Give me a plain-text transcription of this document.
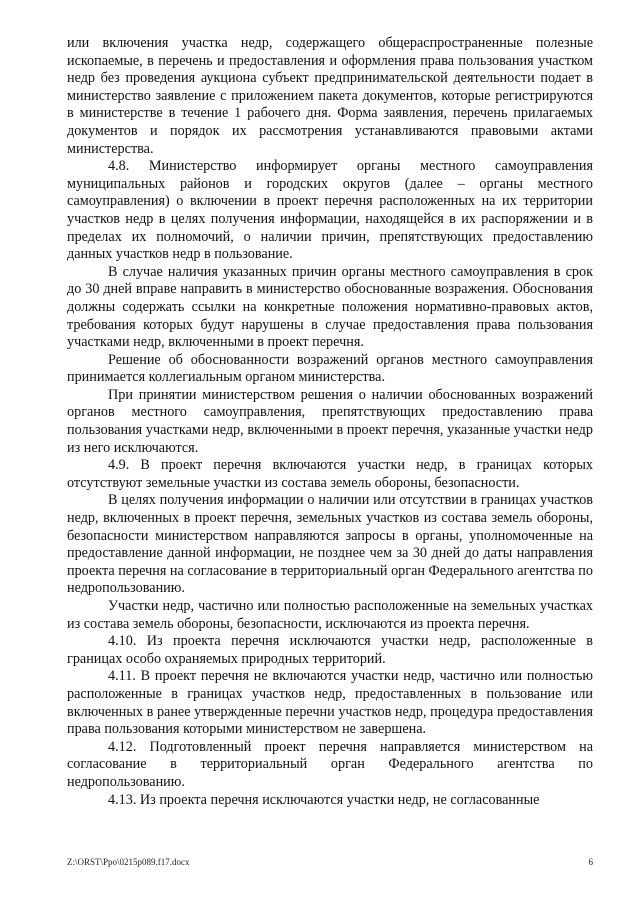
или включения участка недр, содержащего общераспространенные полезные ископаемые, в перечень и предоставления и оформления права пользования участком недр без проведения аукциона субъект предпринимательской деятельности подает в министерство заявление с приложением пакета документов, которые регистрируются в министерстве в течение 1 рабочего дня. Форма заявления, перечень прилагаемых документов и порядок их рассмотрения устанавливаются правовыми актами министерства.

4.8. Министерство информирует органы местного самоуправления муниципальных районов и городских округов (далее – органы местного самоуправления) о включении в проект перечня расположенных на их территории участков недр в целях получения информации, находящейся в их распоряжении и в пределах их полномочий, о наличии причин, препятствующих предоставлению данных участков недр в пользование.

В случае наличия указанных причин органы местного самоуправления в срок до 30 дней вправе направить в министерство обоснованные возражения. Обоснования должны содержать ссылки на конкретные положения нормативно-правовых актов, требования которых будут нарушены в случае предоставления права пользования участками недр, включенными в проект перечня.

Решение об обоснованности возражений органов местного самоуправления принимается коллегиальным органом министерства.

При принятии министерством решения о наличии обоснованных возражений органов местного самоуправления, препятствующих предоставлению права пользования участками недр, включенными в проект перечня, указанные участки недр из него исключаются.

4.9. В проект перечня включаются участки недр, в границах которых отсутствуют земельные участки из состава земель обороны, безопасности.

В целях получения информации о наличии или отсутствии в границах участков недр, включенных в проект перечня, земельных участков из состава земель обороны, безопасности министерством направляются запросы в органы, уполномоченные на предоставление данной информации, не позднее чем за 30 дней до даты направления проекта перечня на согласование в территориальный орган Федерального агентства по недропользованию.

Участки недр, частично или полностью расположенные на земельных участках из состава земель обороны, безопасности, исключаются из проекта перечня.

4.10. Из проекта перечня исключаются участки недр, расположенные в границах особо охраняемых природных территорий.

4.11. В проект перечня не включаются участки недр, частично или полностью расположенные в границах участков недр, предоставленных в пользование или включенных в ранее утвержденные перечни участков недр, процедура предоставления права пользования которыми министерством не завершена.

4.12. Подготовленный проект перечня направляется министерством на согласование в территориальный орган Федерального агентства по недропользованию.

4.13. Из проекта перечня исключаются участки недр, не согласованные

Z:\ORST\Ppo\0215p089.f17.docx	6
